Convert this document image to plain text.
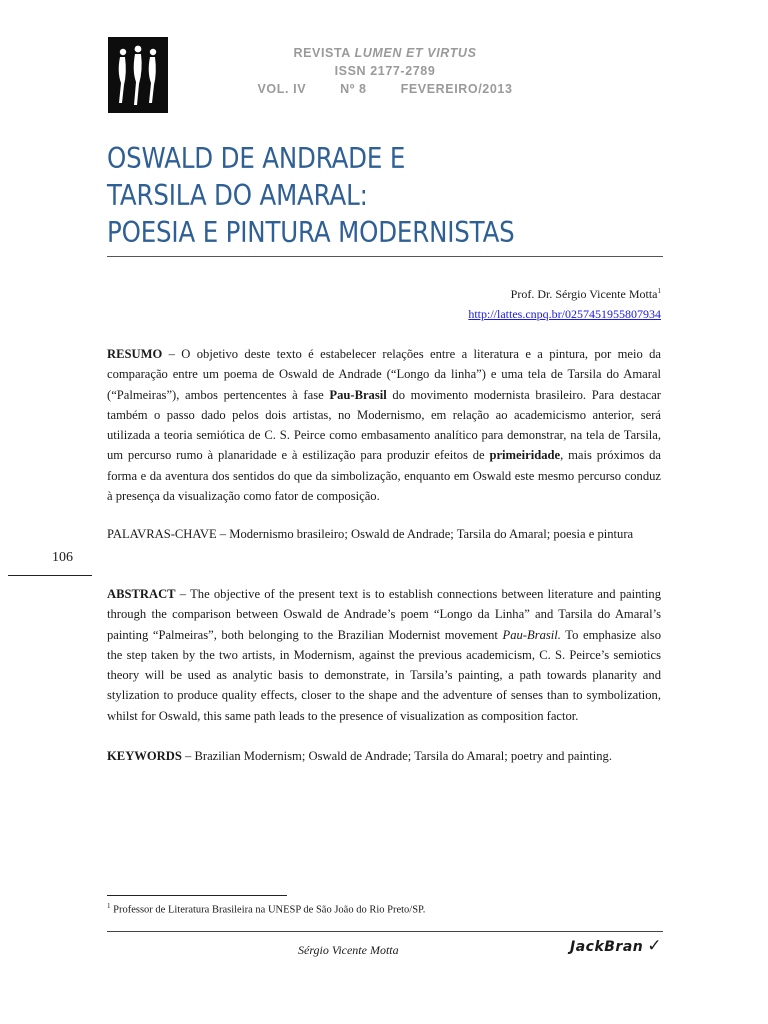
REVISTA LUMEN ET VIRTUS
ISSN 2177-2789
VOL. IV	Nº 8	FEVEREIRO/2013
OSWALD DE ANDRADE E
TARSILA DO AMARAL:
POESIA E PINTURA MODERNISTAS
Prof. Dr. Sérgio Vicente Motta$^1$
http://lattes.cnpq.br/0257451955807934

RESUMO – O objetivo deste texto é estabelecer relações entre a literatura e a pintura, por meio da comparação entre um poema de Oswald de Andrade (“Longo da linha”) e uma tela de Tarsila do Amaral (“Palmeiras”), ambos pertencentes à fase Pau-Brasil do movimento modernista brasileiro. Para destacar também o passo dado pelos dois artistas, no Modernismo, em relação ao academicismo anterior, será utilizada a teoria semiótica de C. S. Peirce como embasamento analítico para demonstrar, na tela de Tarsila, um percurso rumo à planaridade e à estilização para produzir efeitos de primeiridade, mais próximos da forma e da aventura dos sentidos do que da simbolização, enquanto em Oswald este mesmo percurso conduz à presença da visualização como fator de composição.

PALAVRAS-CHAVE – Modernismo brasileiro; Oswald de Andrade; Tarsila do Amaral; poesia e pintura

106

ABSTRACT – The objective of the present text is to establish connections between literature and painting through the comparison between Oswald de Andrade’s poem “Longo da Linha” and Tarsila do Amaral’s painting “Palmeiras”, both belonging to the Brazilian Modernist movement Pau-Brasil. To emphasize also the step taken by the two artists, in Modernism, against the previous academicism, C. S. Peirce’s semiotics theory will be used as analytic basis to demonstrate, in Tarsila’s painting, a path towards planarity and stylization to produce quality effects, closer to the shape and the adventure of senses than to symbolization, whilst for Oswald, this same path leads to the presence of visualization as composition factor.

KEYWORDS – Brazilian Modernism; Oswald de Andrade; Tarsila do Amaral; poetry and painting.

$^1$ Professor de Literatura Brasileira na UNESP de São João do Rio Preto/SP.
Sérgio Vicente Motta	JackBran ✓
